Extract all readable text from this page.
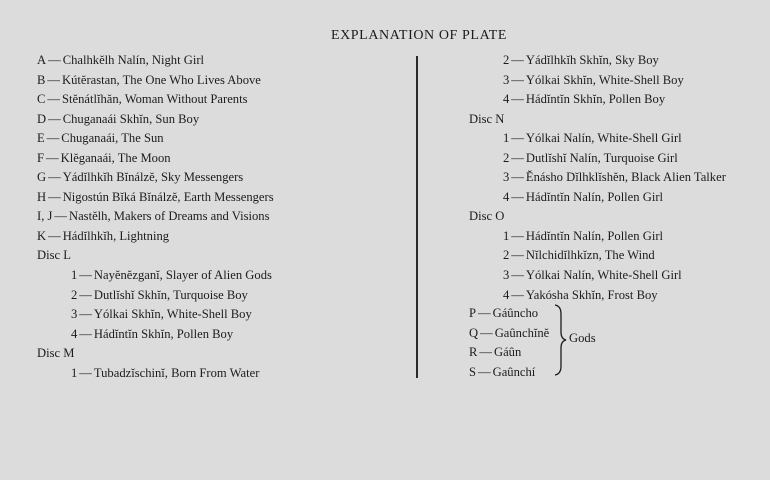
EXPLANATION OF PLATE
A — Chalhkĕlh Nalín, Night Girl
B — Kútĕrastan, The One Who Lives Above
C — Stĕnátlĭhăn, Woman Without Parents
D — Chuganaái Skhĭn, Sun Boy
E — Chuganaái, The Sun
F — Klĕganaái, The Moon
G — Yádĭlhkĭh Bĭnálzĕ, Sky Messengers
H — Nigostún Bĭká Bĭnálzĕ, Earth Messengers
I, J — Nastĕlh, Makers of Dreams and Visions
K — Hádĭlhkĭh, Lightning
Disc L
1 — Nayĕnĕzganĭ, Slayer of Alien Gods
2 — Dutlĭshĭ Skhĭn, Turquoise Boy
3 — Yólkai Skhĭn, White-Shell Boy
4 — Hádĭntĭn Skhĭn, Pollen Boy
Disc M
1 — Tubadzĭschinĭ, Born From Water
2 — Yádĭlhkĭh Skhĭn, Sky Boy
3 — Yólkai Skhĭn, White-Shell Boy
4 — Hádĭntĭn Skhĭn, Pollen Boy
Disc N
1 — Yólkai Nalín, White-Shell Girl
2 — Dutlĭshĭ Nalín, Turquoise Girl
3 — Ĕnásho Dĭlhklĭshĕn, Black Alien Talker
4 — Hádĭntĭn Nalín, Pollen Girl
Disc O
1 — Hádĭntĭn Nalín, Pollen Girl
2 — Nĭlchidĭlhkĭzn, The Wind
3 — Yólkai Nalín, White-Shell Girl
4 — Yakósha Skhĭn, Frost Boy
P — Gáûncho
Q — Gaûnchĭnĕ
R — Gáûn
S — Gaûnchí
Gods
